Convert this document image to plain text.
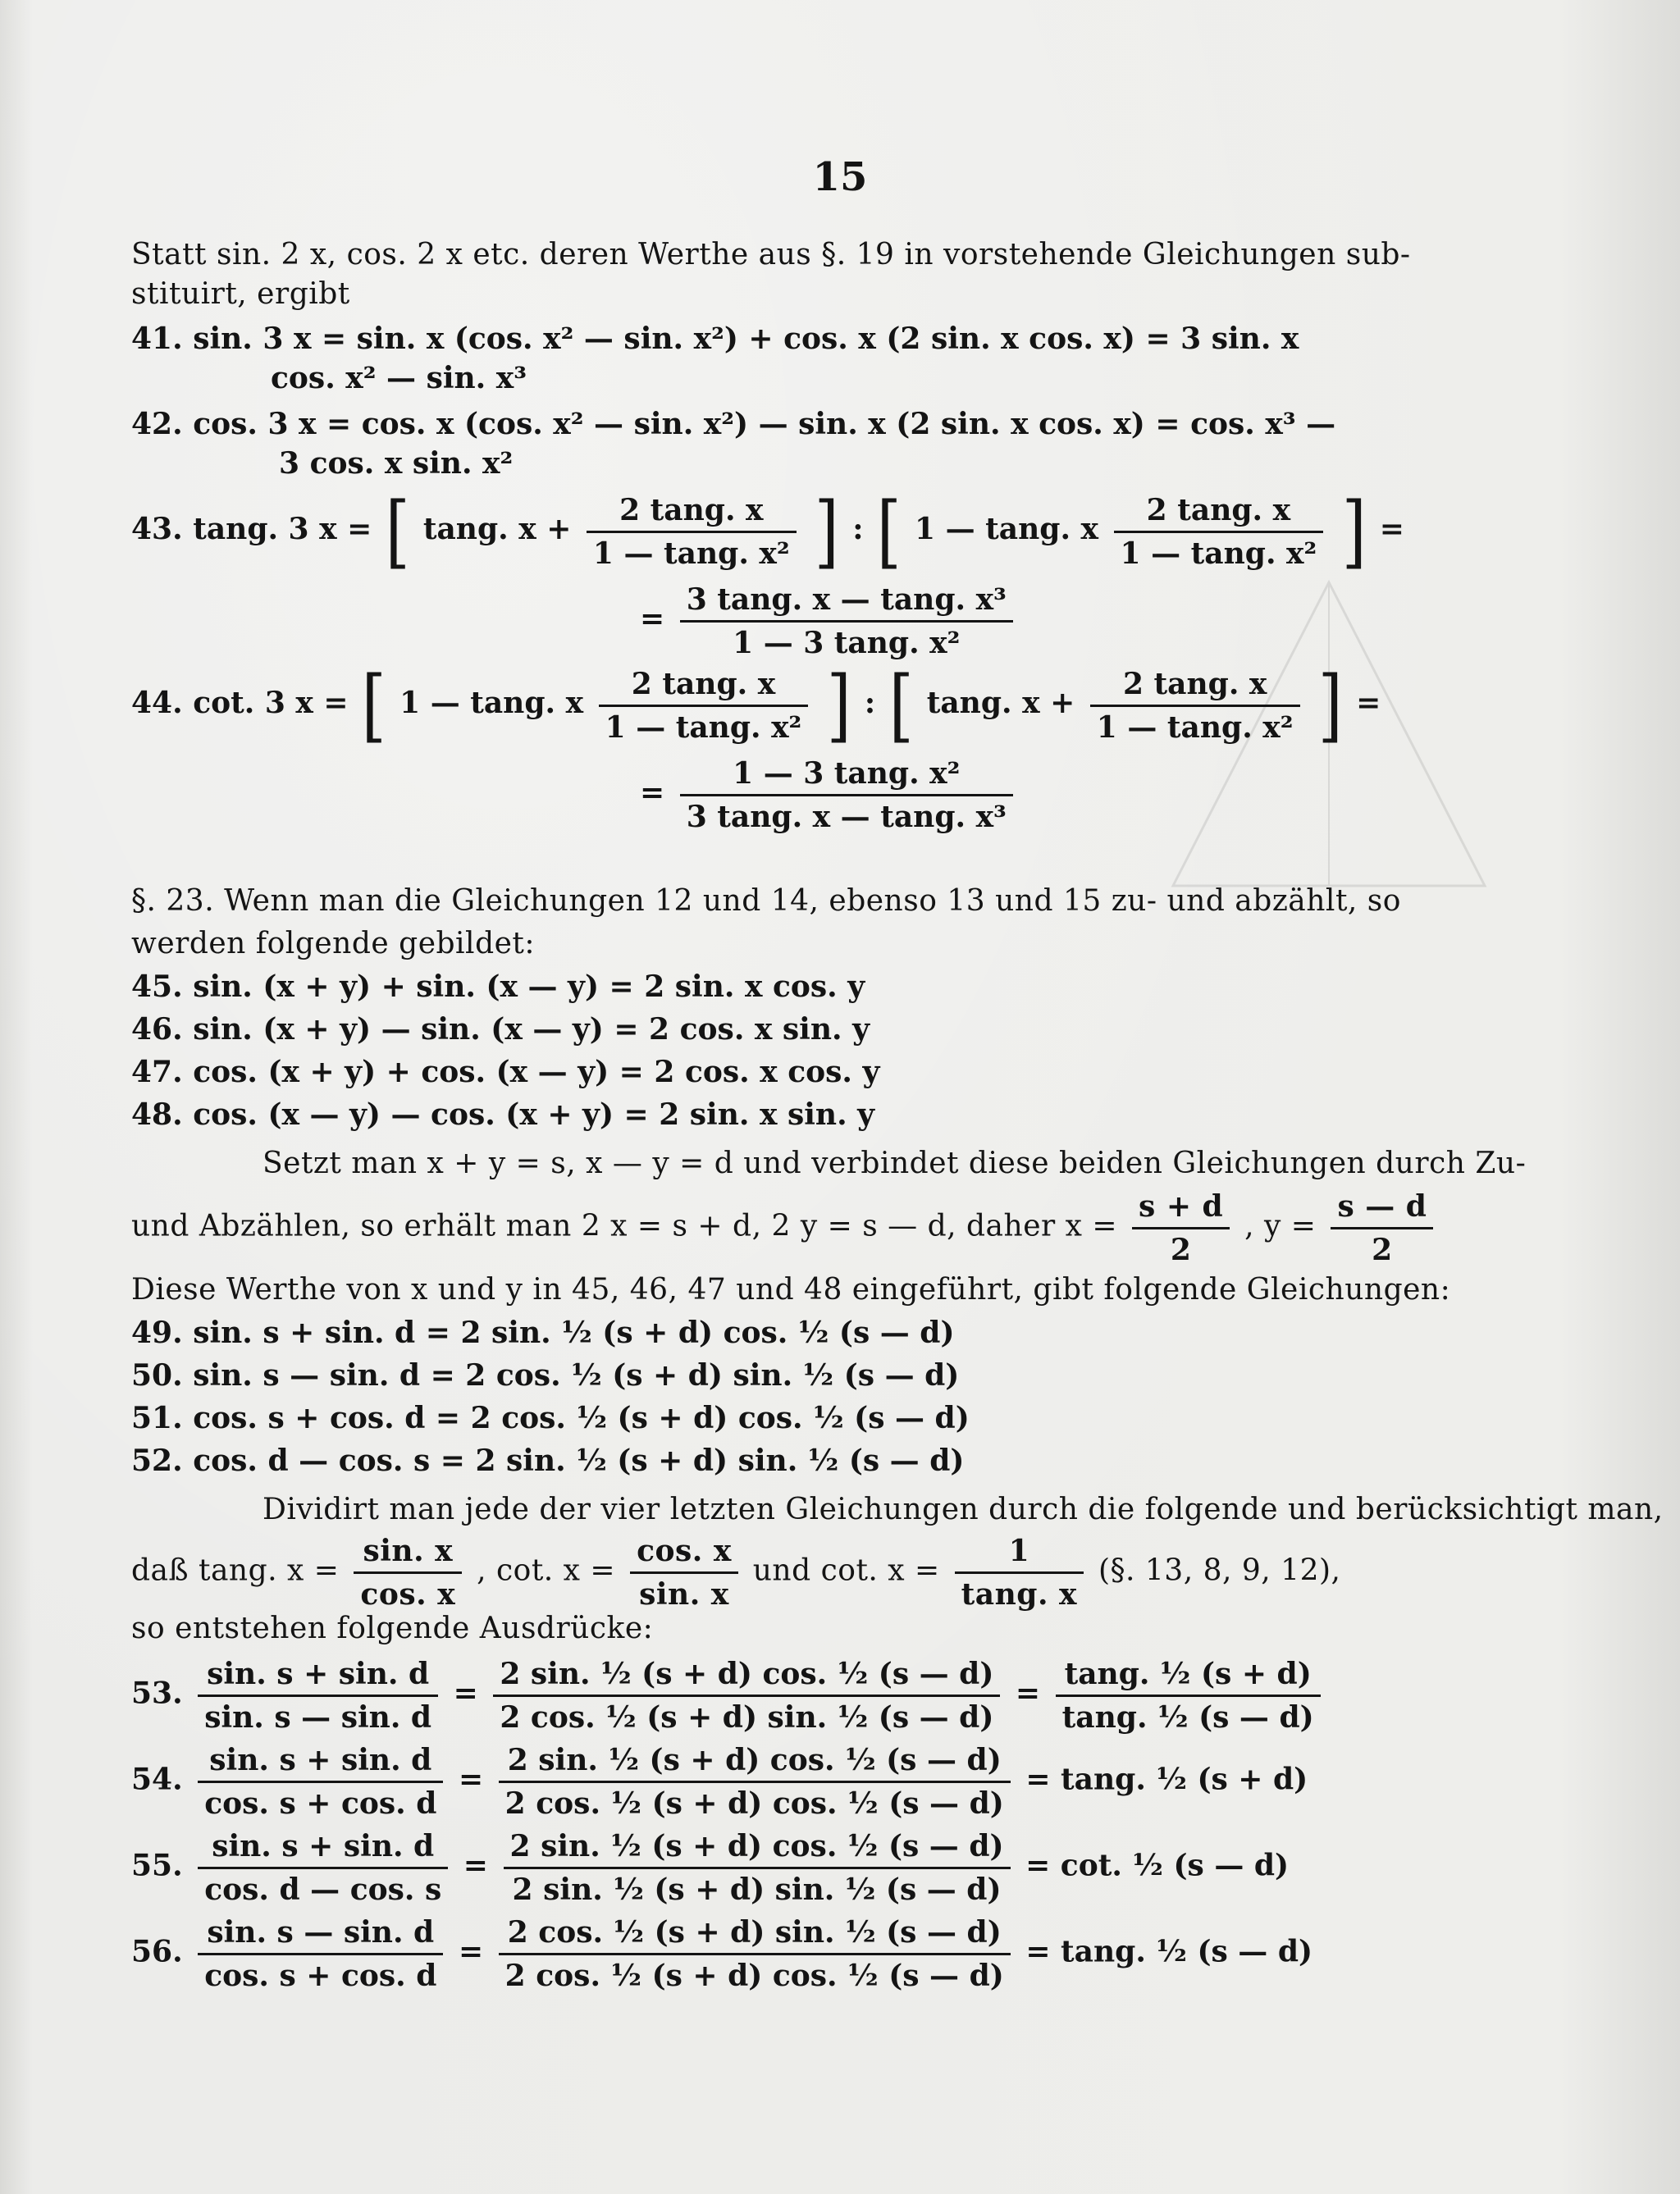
15
Statt sin. 2 x, cos. 2 x etc. deren Werthe aus §. 19 in vorstehende Gleichungen sub-
stituirt, ergibt
41. sin. 3 x = sin. x (cos. x² — sin. x²) + cos. x (2 sin. x cos. x) = 3 sin. x
cos. x² — sin. x³
42. cos. 3 x = cos. x (cos. x² — sin. x²) — sin. x (2 sin. x cos. x) = cos. x³ —
3 cos. x sin. x²
43. tang. 3 x = [ tang. $x + \frac{2 \tan g. x}{\text{1 — tang. x²}}$ ] : [ 1 — tang. x $\frac{2 \tan g. x}{\text{1 — tang. x²}}$ ] =
= $\frac{\text{3 tang. x — tang. x³}}{\text{1 — 3 tang. x²}}$
44. cot. 3 x = [ 1 — tang. x $\frac{2 \tan g. x}{\text{1 — tang. x²}}$ ] : [ tang. $x + \frac{2 \tan g. x}{\text{1 — tang. x²}}$ ] =
= $\frac{\text{1 — 3 tang. x²}}{\text{3 tang. x — tang. x³}}$
§. 23. Wenn man die Gleichungen 12 und 14, ebenso 13 und 15 zu- und abzählt, so
werden folgende gebildet:
45. sin. (x + y) + sin. (x — y) = 2 sin. x cos. y
46. sin. (x + y) — sin. (x — y) = 2 cos. x sin. y
47. cos. (x + y) + cos. (x — y) = 2 cos. x cos. y
48. cos. (x — y) — cos. (x + y) = 2 sin. x sin. y
Setzt man x + y = s, x — y = d und verbindet diese beiden Gleichungen durch Zu-
und Abzählen, so erhält man 2 x = s + d, 2 y = s — d, daher $x = \frac{s + d}{2}$ , $y = \frac{s — d}{2}$
Diese Werthe von x und y in 45, 46, 47 und 48 eingeführt, gibt folgende Gleichungen:
49. sin. s + sin. d = 2 sin. ½ (s + d) cos. ½ (s — d)
50. sin. s — sin. d = 2 cos. ½ (s + d) sin. ½ (s — d)
51. cos. s + cos. d = 2 cos. ½ (s + d) cos. ½ (s — d)
52. cos. d — cos. s = 2 sin. ½ (s + d) sin. ½ (s — d)
Dividirt man jede der vier letzten Gleichungen durch die folgende und berücksichtigt man,
daß tang. $x = \frac{\sin. x}{\cos. x}$ , cot. $x = \frac{\cos. x}{\sin. x}$ und cot. $x = \frac{1}{\tan g. x}$ (§. 13, 8, 9, 12),
so entstehen folgende Ausdrücke:
53. $\frac{\sin. s + \sin. d}{\sin. s — \sin. d} = \frac{\text{2 sin. ½ (s + d) cos. ½ (s — d)}}{\text{2 cos. ½ (s + d) sin. ½ (s — d)}} = \frac{\text{tang. ½ (s + d)}}{\text{tang. ½ (s — d)}}$
54. $\frac{\sin. s + \sin. d}{\cos. s + \cos. d} = \frac{\text{2 sin. ½ (s + d) cos. ½ (s — d)}}{\text{2 cos. ½ (s + d) cos. ½ (s — d)}} = \tan g$. ½ (s + d)
55. $\frac{\sin. s + \sin. d}{\cos. d — \cos. s} = \frac{\text{2 sin. ½ (s + d) cos. ½ (s — d)}}{\text{2 sin. ½ (s + d) sin. ½ (s — d)}} = \cot$. ½ (s — d)
56. $\frac{\sin. s — \sin. d}{\cos. s + \cos. d} = \frac{\text{2 cos. ½ (s + d) sin. ½ (s — d)}}{\text{2 cos. ½ (s + d) cos. ½ (s — d)}} = \tan g$. ½ (s — d)
